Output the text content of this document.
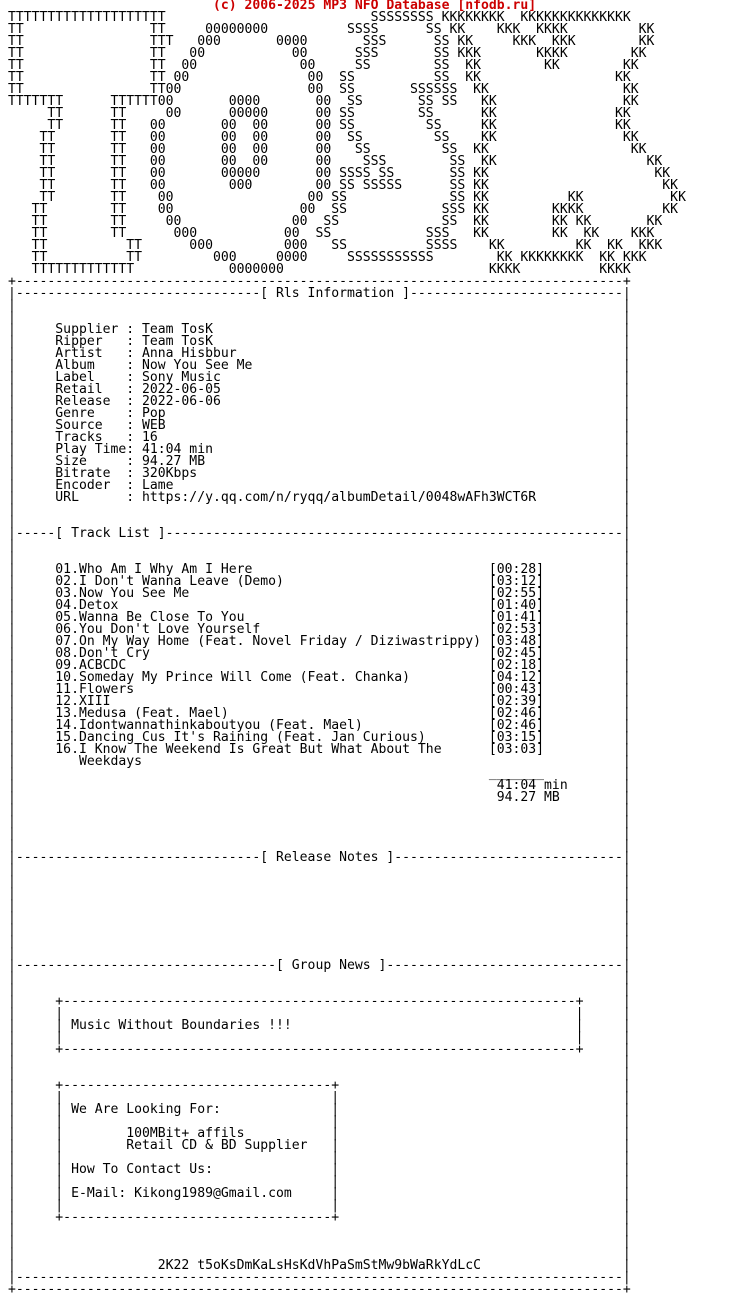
(c) 2006-2025 MP3 NFO Database [nfodb.ru]
TTTTTTTTTTTTTTTTTTTT                          SSSSSSSS KKKKKKKK  KKKKKKKKKKKKKK
TT                TT     00000000          SSSS      SS KK    KKK  KKKK         KK
TT                TTT   000       0000       SSS      SS KK     KKK  KKK        KK
TT                TT   00           00      SSS       SS KKK       KKKK        KK
TT                TT  00             00     SS        SS  KK        KK        KK
TT                TT 00               00  SS          SS  KK                 KK
TT                TT00                00  SS       SSSSSS  KK                 KK
TTTTTTT      TTTTTT00       0000       00  SS       SS SS   KK                KK
TT      TT     00      00000      00 SS        SS      KK               KK
TT      TT   00       00  00      00 SS         SS     KK               KK
TT       TT   00       00  00      00  SS         SS    KK                KK
TT       TT   00       00  00      00   SS         SS  KK                  KK
TT       TT   00       00  00      00    SSS        SS  KK                   KK
TT       TT   00       00000       00 SSSS SS       SS KK                     KK
TT       TT   00        000        00 SS SSSSS      SS KK                      KK
TT       TT    00                 00 SS             SS KK          KK           KK
TT        TT    00                00  SS            SSS KK        KKKK          KK
TT        TT     00              00  SS             SS  KK        KK KK       KK
TT        TT      000           00  SS            SSS   KK        KK  KK    KKK
TT          TT      000         000   SS          SSSS    KK         KK  KK  KKK
TT          TT         000     0000     SSSSSSSSSSS        KK KKKKKKKK  KK KKK
TTTTTTTTTTTTT            0000000                          KKKK          KKKK
+-----------------------------------------------------------------------------+
|-------------------------------[ Rls Information ]---------------------------|
|                                                                             |
|                                                                             |
|     Supplier : Team TosK                                                    |
|     Ripper   : Team TosK                                                    |
|     Artist   : Anna Hisbbur                                                 |
|     Album    : Now You See Me                                               |
|     Label    : Sony Music                                                   |
|     Retail   : 2022-06-05                                                   |
|     Release  : 2022-06-06                                                   |
|     Genre    : Pop                                                          |
|     Source   : WEB                                                          |
|     Tracks   : 16                                                           |
|     Play Time: 41:04 min                                                    |
|     Size     : 94.27 MB                                                     |
|     Bitrate  : 320Kbps                                                      |
|     Encoder  : Lame                                                         |
|     URL      : https://y.qq.com/n/ryqq/albumDetail/0048wAFh3WCT6R           |
|                                                                             |
|                                                                             |
|-----[ Track List ]----------------------------------------------------------|
|                                                                             |
|                                                                             |
|     01.Who Am I Why Am I Here                              [00:28]          |
|     02.I Don't Wanna Leave (Demo)                          [03:12]          |
|     03.Now You See Me                                      [02:55]          |
|     04.Detox                                               [01:40]          |
|     05.Wanna Be Close To You                               [01:41]          |
|     06.You Don't Love Yourself                             [02:53]          |
|     07.On My Way Home (Feat. Novel Friday / Diziwastrippy) [03:48]          |
|     08.Don't Cry                                           [02:45]          |
|     09.ACBCDC                                              [02:18]          |
|     10.Someday My Prince Will Come (Feat. Chanka)          [04:12]          |
|     11.Flowers                                             [00:43]          |
|     12.XIII                                                [02:39]          |
|     13.Medusa (Feat. Mael)                                 [02:46]          |
|     14.Idontwannathinkaboutyou (Feat. Mael)                [02:46]          |
|     15.Dancing Cus It's Raining (Feat. Jan Curious)        [03:15]          |
|     16.I Know The Weekend Is Great But What About The      [03:03]          |
|        Weekdays                                                             |
|                                                            _______          |
|                                                             41:04 min       |
|                                                             94.27 MB        |
|                                                                             |
|                                                                             |
|                                                                             |
|                                                                             |
|-------------------------------[ Release Notes ]-----------------------------|
|                                                                             |
|                                                                             |
|                                                                             |
|                                                                             |
|                                                                             |
|                                                                             |
|                                                                             |
|                                                                             |
|---------------------------------[ Group News ]------------------------------|
|                                                                             |
|                                                                             |
|     +-----------------------------------------------------------------+     |
|     |                                                                 |     |
|     | Music Without Boundaries !!!                                    |     |
|     |                                                                 |     |
|     +-----------------------------------------------------------------+     |
|                                                                             |
|                                                                             |
|     +----------------------------------+                                    |
|     |                                  |                                    |
|     | We Are Looking For:              |                                    |
|     |                                  |                                    |
|     |        100MBit+ affils           |                                    |
|     |        Retail CD & BD Supplier   |                                    |
|     |                                  |                                    |
|     | How To Contact Us:               |                                    |
|     |                                  |                                    |
|     | E-Mail: Kikong1989@Gmail.com     |                                    |
|     |                                  |                                    |
|     +----------------------------------+                                    |
|                                                                             |
|                                                                             |
|                                                                             |
|                  2K22 t5oKsDmKaLsHsKdVhPaSmStMw9bWaRkYdLcC                  |
|-----------------------------------------------------------------------------|
+-----------------------------------------------------------------------------+
